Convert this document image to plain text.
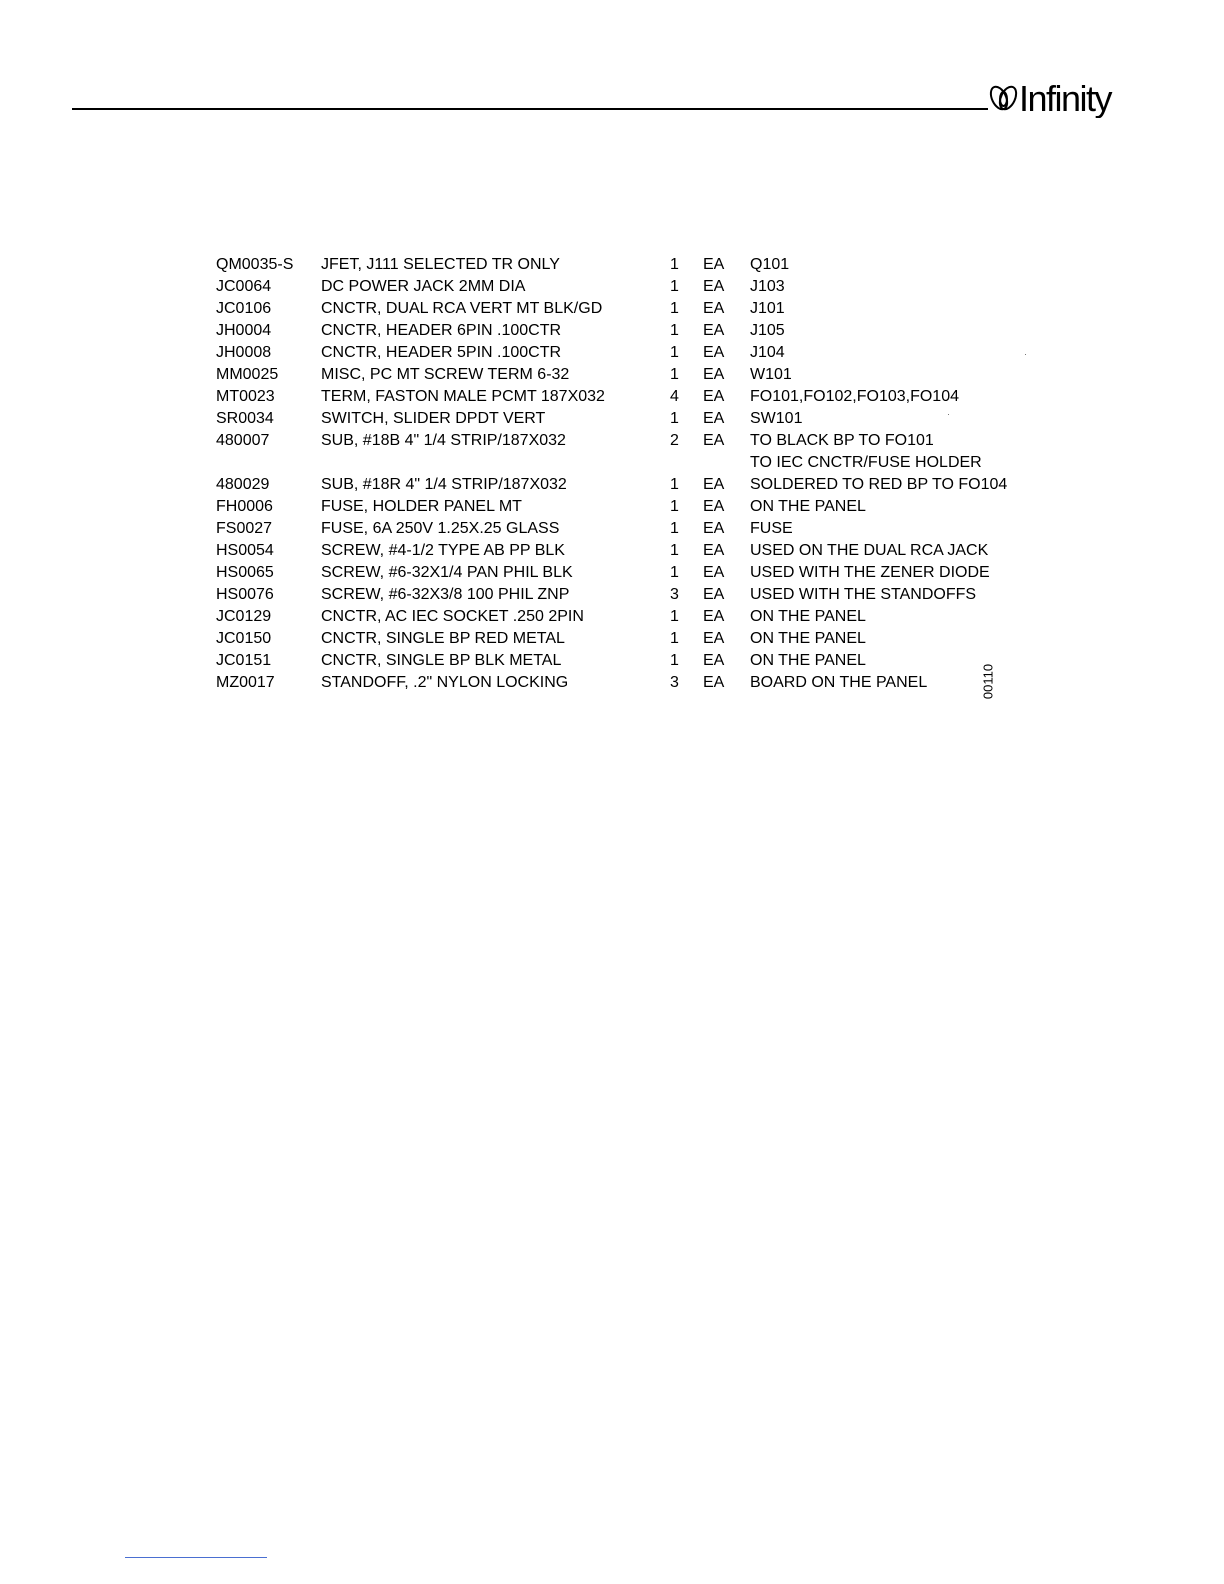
Infinity
QM0035-S JFET, J111 SELECTED TR ONLY	1 EA Q101
JC0064	DC POWER JACK 2MM DIA	1 EA J103
JC0106	CNCTR, DUAL RCA VERT MT BLK/GD	1 EA J101
JH0004	CNCTR, HEADER 6PIN .100CTR	1 EA J105
JH0008	CNCTR, HEADER 5PIN .100CTR	1 EA J104
MM0025	MISC, PC MT SCREW TERM 6-32	1 EA W101
MT0023	TERM, FASTON MALE PCMT 187X032	4 EA FO101,FO102,FO103,FO104
SR0034	SWITCH, SLIDER DPDT VERT	1 EA SW101
480007	SUB, #18B 4" 1/4 STRIP/187X032	2 EA TO BLACK BP TO FO101
TO IEC CNCTR/FUSE HOLDER
480029	SUB, #18R 4" 1/4 STRIP/187X032	1 EA SOLDERED TO RED BP TO FO104
FH0006	FUSE, HOLDER PANEL MT	1 EA ON THE PANEL
FS0027	FUSE, 6A 250V 1.25X.25 GLASS	1 EA FUSE
HS0054	SCREW, #4-1/2 TYPE AB PP BLK	1 EA USED ON THE DUAL RCA JACK
HS0065	SCREW, #6-32X1/4 PAN PHIL BLK	1 EA USED WITH THE ZENER DIODE
HS0076	SCREW, #6-32X3/8 100 PHIL ZNP	3 EA USED WITH THE STANDOFFS
JC0129	CNCTR, AC IEC SOCKET .250 2PIN	1 EA ON THE PANEL
JC0150	CNCTR, SINGLE BP RED METAL	1 EA ON THE PANEL
JC0151	CNCTR, SINGLE BP BLK METAL	1 EA ON THE PANEL
MZ0017	STANDOFF, .2" NYLON LOCKING	3 EA BOARD ON THE PANEL	00110
